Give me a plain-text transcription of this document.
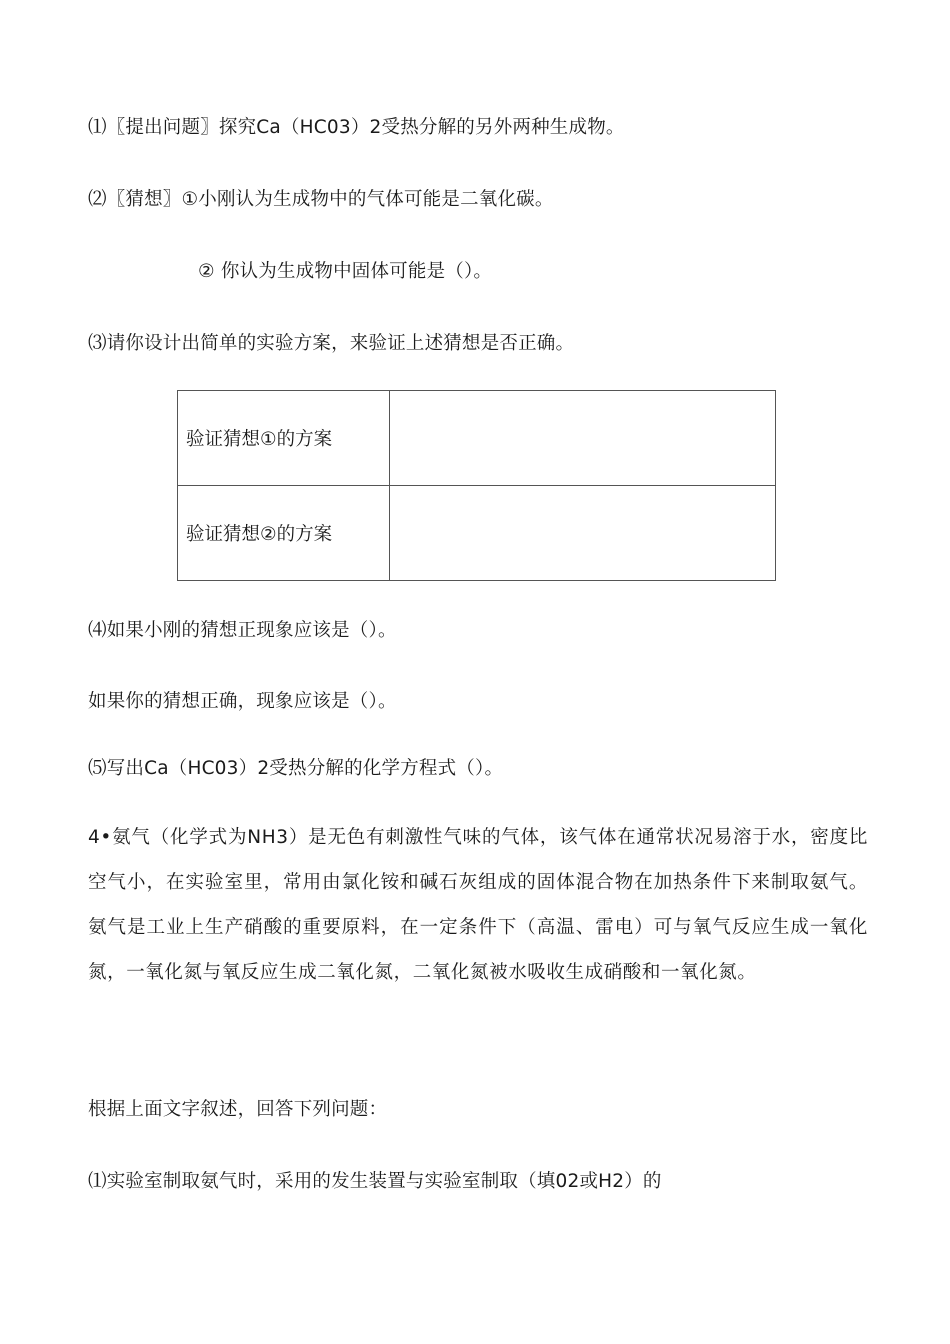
⑴〖提出问题〗探究Ca（HC03）2受热分解的另外两种生成物。
⑵〖猜想〗①小刚认为生成物中的气体可能是二氧化碳。
② 你认为生成物中固体可能是（）。
⑶请你设计出简单的实验方案，来验证上述猜想是否正确。
验证猜想①的方案	
验证猜想②的方案	
⑷如果小刚的猜想正现象应该是（）。
如果你的猜想正确，现象应该是（）。
⑸写出Ca（HC03）2受热分解的化学方程式（）。
4•氨气（化学式为NH3）是无色有刺激性气味的气体，该气体在通常状况易溶于水，密度比空气小，在实验室里，常用由氯化铵和碱石灰组成的固体混合物在加热条件下来制取氨气。氨气是工业上生产硝酸的重要原料，在一定条件下（高温、雷电）可与氧气反应生成一氧化氮，一氧化氮与氧反应生成二氧化氮，二氧化氮被水吸收生成硝酸和一氧化氮。
根据上面文字叙述，回答下列问题：
⑴实验室制取氨气时，采用的发生装置与实验室制取（填02或H2）的
